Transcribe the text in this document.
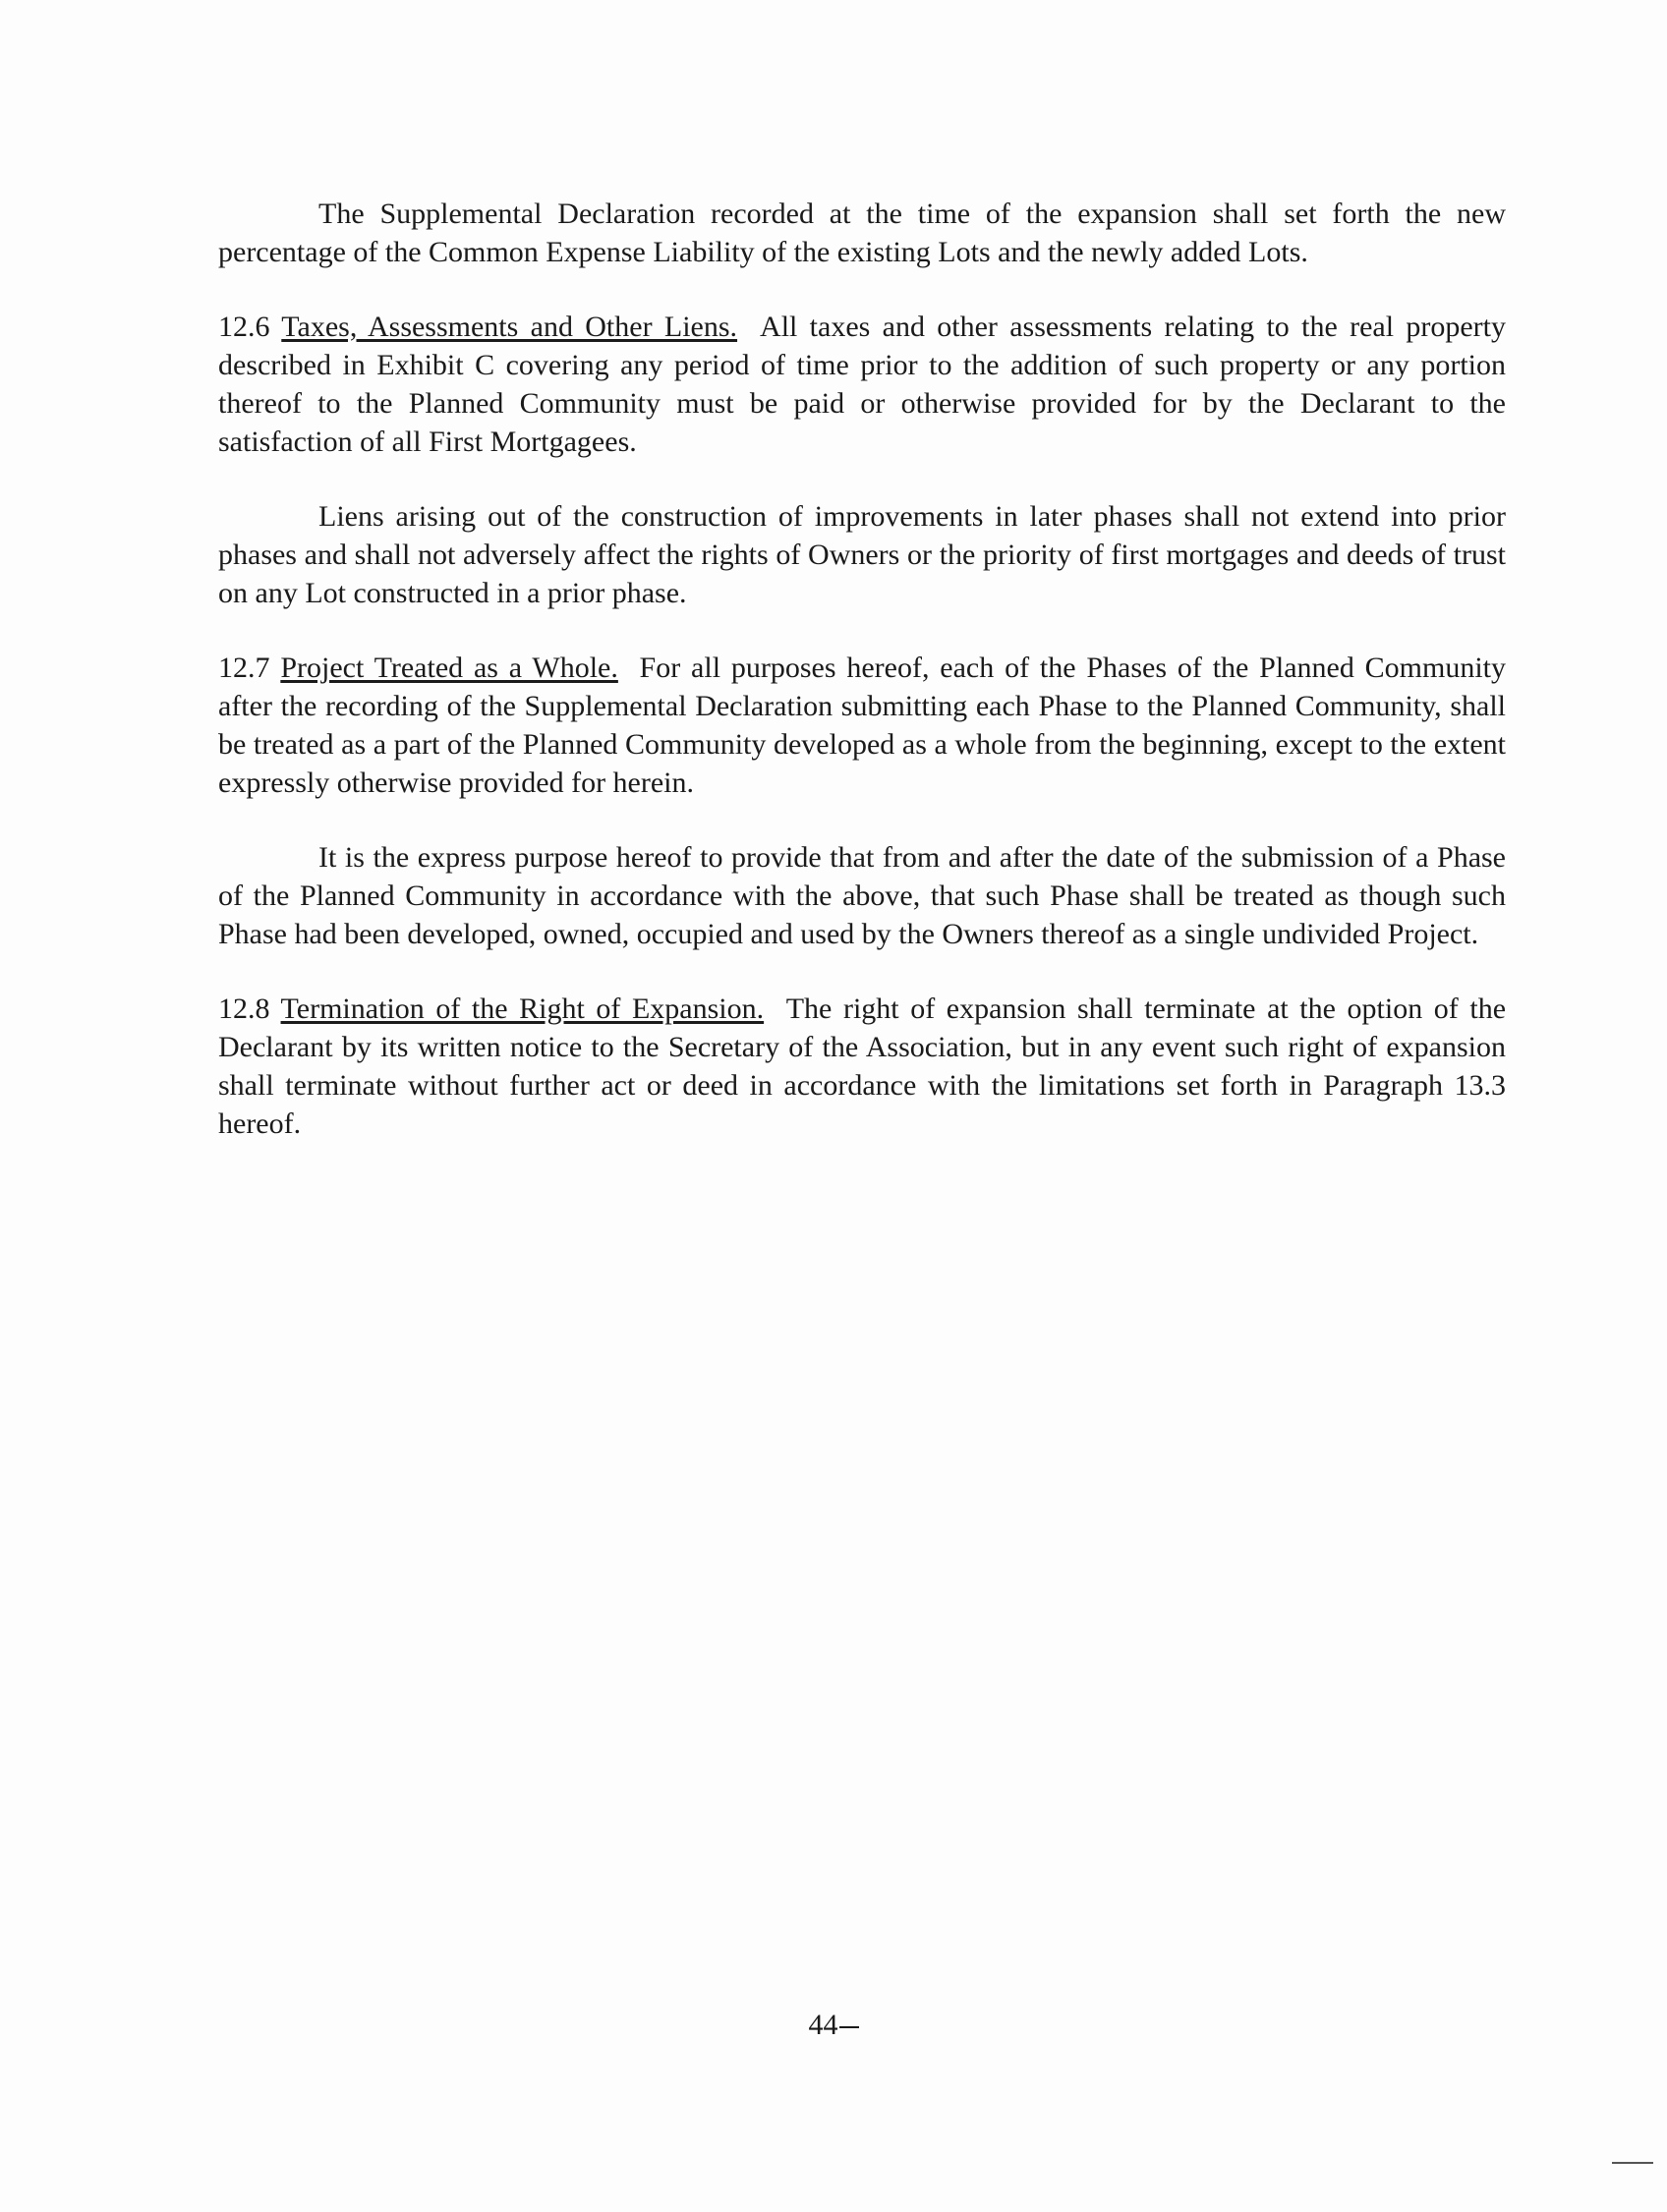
The Supplemental Declaration recorded at the time of the expansion shall set forth the new percentage of the Common Expense Liability of the existing Lots and the newly added Lots.

12.6 Taxes, Assessments and Other Liens. All taxes and other assessments relating to the real property described in Exhibit C covering any period of time prior to the addition of such property or any portion thereof to the Planned Community must be paid or otherwise provided for by the Declarant to the satisfaction of all First Mortgagees.

Liens arising out of the construction of improvements in later phases shall not extend into prior phases and shall not adversely affect the rights of Owners or the priority of first mortgages and deeds of trust on any Lot constructed in a prior phase.

12.7 Project Treated as a Whole. For all purposes hereof, each of the Phases of the Planned Community after the recording of the Supplemental Declaration submitting each Phase to the Planned Community, shall be treated as a part of the Planned Community developed as a whole from the beginning, except to the extent expressly otherwise provided for herein.

It is the express purpose hereof to provide that from and after the date of the submission of a Phase of the Planned Community in accordance with the above, that such Phase shall be treated as though such Phase had been developed, owned, occupied and used by the Owners thereof as a single undivided Project.

12.8 Termination of the Right of Expansion. The right of expansion shall terminate at the option of the Declarant by its written notice to the Secretary of the Association, but in any event such right of expansion shall terminate without further act or deed in accordance with the limitations set forth in Paragraph 13.3 hereof.

44
